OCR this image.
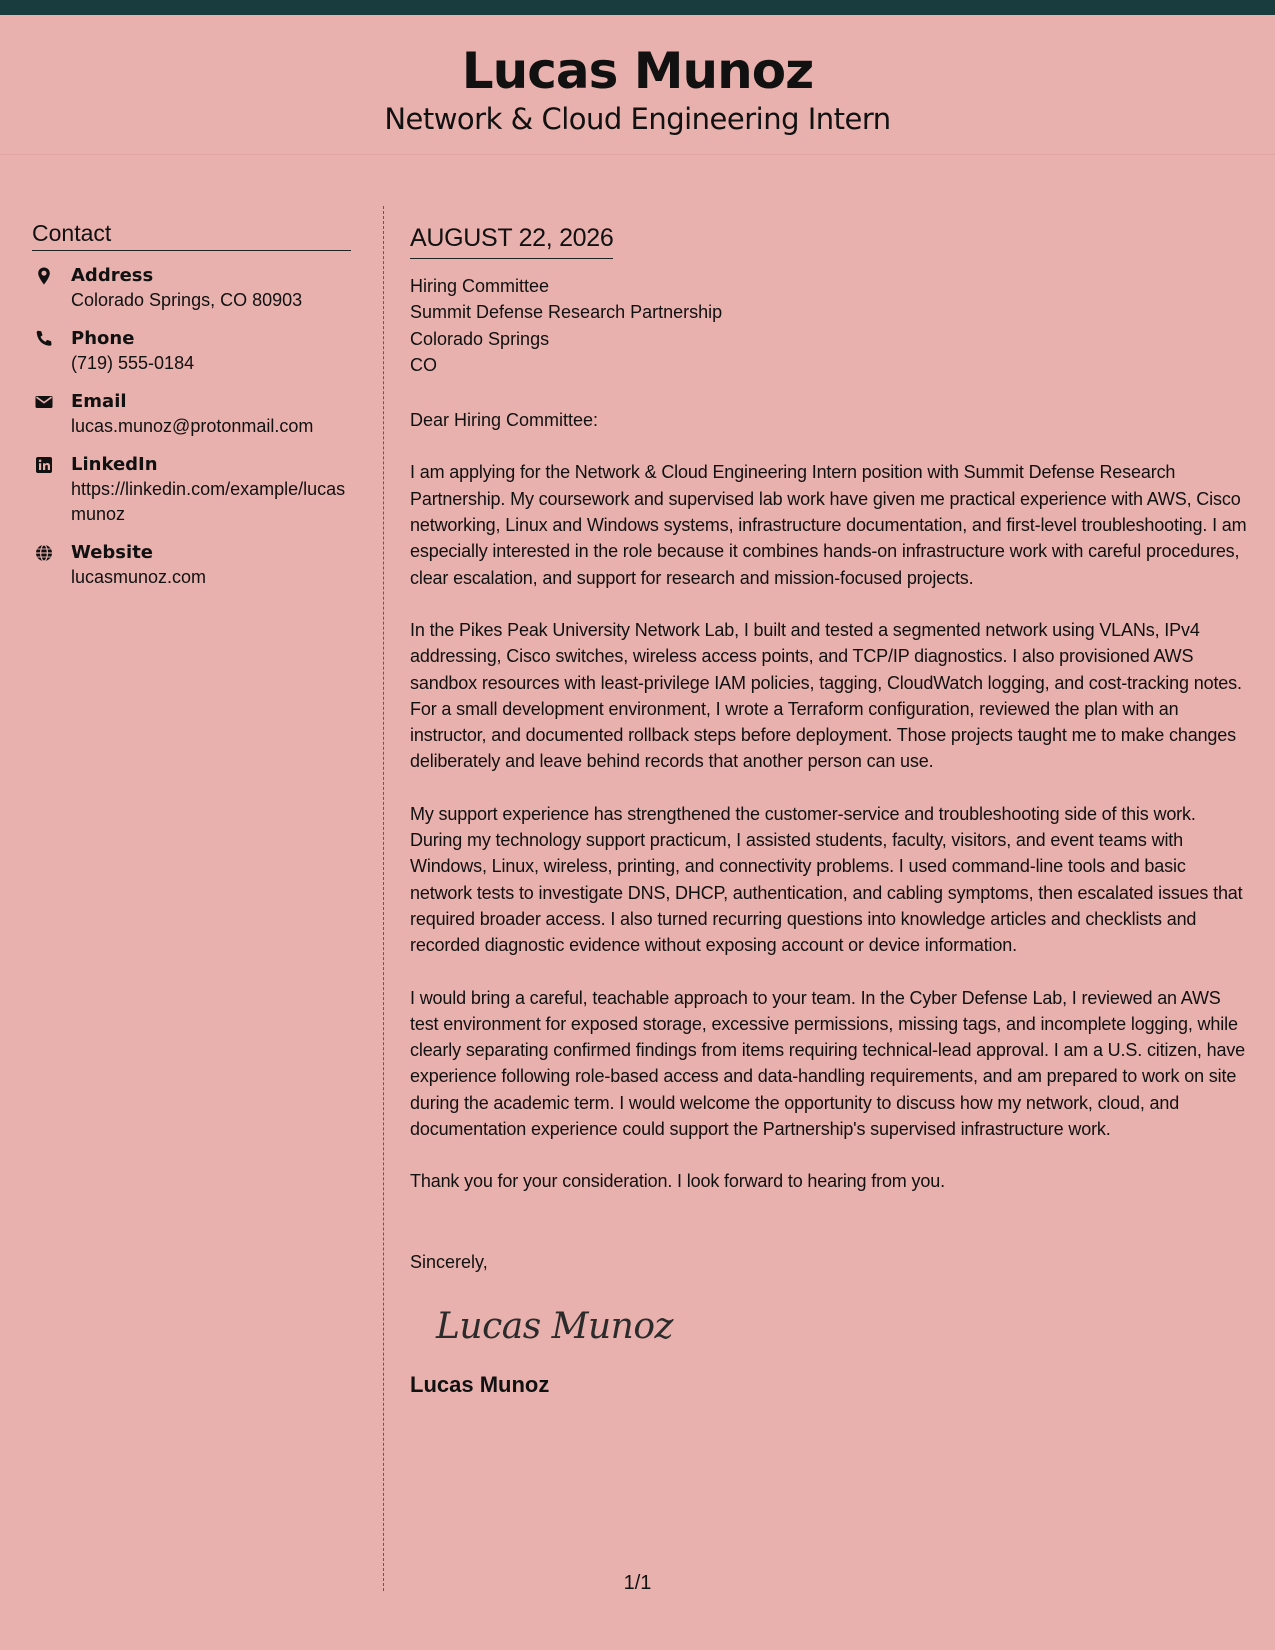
Lucas Munoz
Network & Cloud Engineering Intern
Contact
Address
Colorado Springs, CO 80903
Phone
(719) 555-0184
Email
lucas.munoz@protonmail.com
LinkedIn
https://linkedin.com/example/lucasmunoz
Website
lucasmunoz.com
AUGUST 22, 2026
Hiring Committee
Summit Defense Research Partnership
Colorado Springs
CO
Dear Hiring Committee:
I am applying for the Network & Cloud Engineering Intern position with Summit Defense Research Partnership. My coursework and supervised lab work have given me practical experience with AWS, Cisco networking, Linux and Windows systems, infrastructure documentation, and first-level troubleshooting. I am especially interested in the role because it combines hands-on infrastructure work with careful procedures, clear escalation, and support for research and mission-focused projects.
In the Pikes Peak University Network Lab, I built and tested a segmented network using VLANs, IPv4 addressing, Cisco switches, wireless access points, and TCP/IP diagnostics. I also provisioned AWS sandbox resources with least-privilege IAM policies, tagging, CloudWatch logging, and cost-tracking notes. For a small development environment, I wrote a Terraform configuration, reviewed the plan with an instructor, and documented rollback steps before deployment. Those projects taught me to make changes deliberately and leave behind records that another person can use.
My support experience has strengthened the customer-service and troubleshooting side of this work. During my technology support practicum, I assisted students, faculty, visitors, and event teams with Windows, Linux, wireless, printing, and connectivity problems. I used command-line tools and basic network tests to investigate DNS, DHCP, authentication, and cabling symptoms, then escalated issues that required broader access. I also turned recurring questions into knowledge articles and checklists and recorded diagnostic evidence without exposing account or device information.
I would bring a careful, teachable approach to your team. In the Cyber Defense Lab, I reviewed an AWS test environment for exposed storage, excessive permissions, missing tags, and incomplete logging, while clearly separating confirmed findings from items requiring technical-lead approval. I am a U.S. citizen, have experience following role-based access and data-handling requirements, and am prepared to work on site during the academic term. I would welcome the opportunity to discuss how my network, cloud, and documentation experience could support the Partnership's supervised infrastructure work.
Thank you for your consideration. I look forward to hearing from you.
Sincerely,
Lucas Munoz
Lucas Munoz
1/1
